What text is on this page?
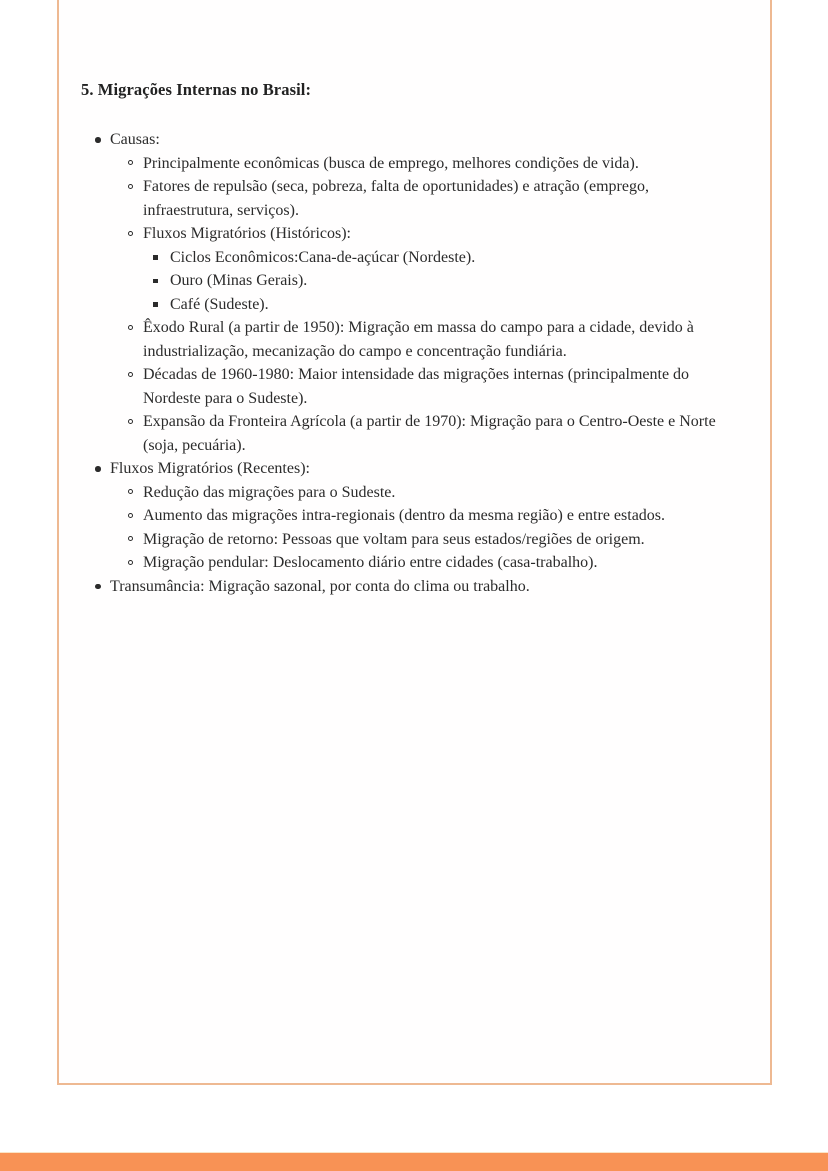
5. Migrações Internas no Brasil:
Causas:
Principalmente econômicas (busca de emprego, melhores condições de vida).
Fatores de repulsão (seca, pobreza, falta de oportunidades) e atração (emprego, infraestrutura, serviços).
Fluxos Migratórios (Históricos):
Ciclos Econômicos:Cana-de-açúcar (Nordeste).
Ouro (Minas Gerais).
Café (Sudeste).
Êxodo Rural (a partir de 1950): Migração em massa do campo para a cidade, devido à industrialização, mecanização do campo e concentração fundiária.
Décadas de 1960-1980: Maior intensidade das migrações internas (principalmente do Nordeste para o Sudeste).
Expansão da Fronteira Agrícola (a partir de 1970): Migração para o Centro-Oeste e Norte (soja, pecuária).
Fluxos Migratórios (Recentes):
Redução das migrações para o Sudeste.
Aumento das migrações intra-regionais (dentro da mesma região) e entre estados.
Migração de retorno: Pessoas que voltam para seus estados/regiões de origem.
Migração pendular: Deslocamento diário entre cidades (casa-trabalho).
Transumância: Migração sazonal, por conta do clima ou trabalho.
